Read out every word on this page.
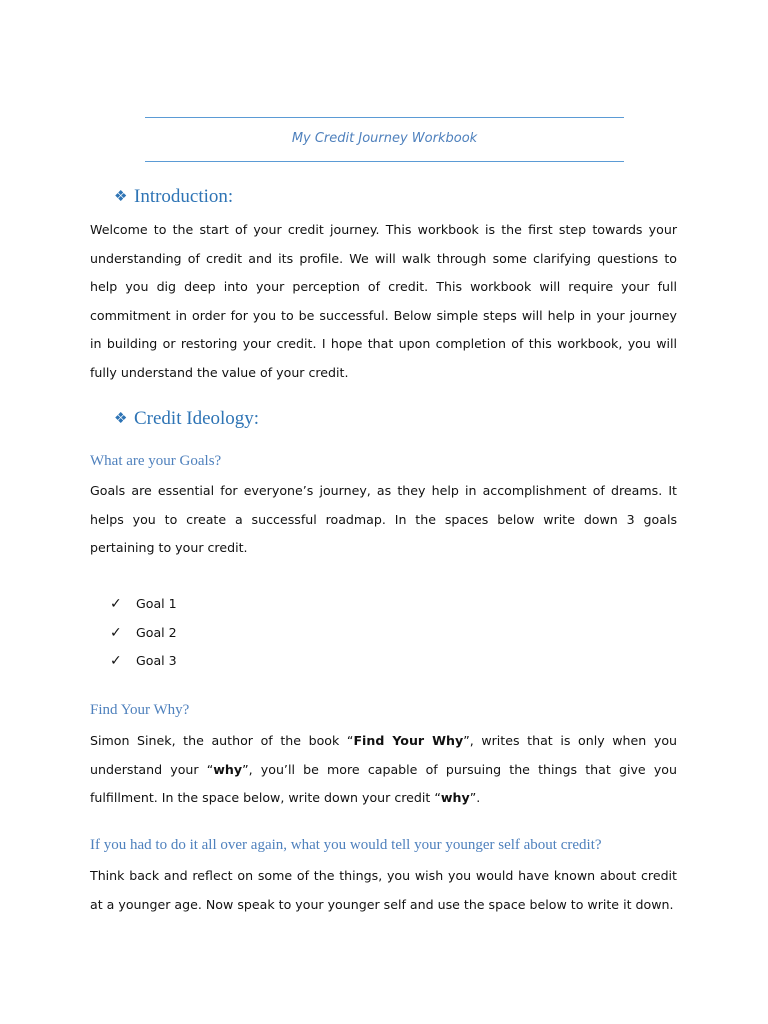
My Credit Journey Workbook
❖ Introduction:

Welcome to the start of your credit journey. This workbook is the first step towards your understanding of credit and its profile. We will walk through some clarifying questions to help you dig deep into your perception of credit. This workbook will require your full commitment in order for you to be successful. Below simple steps will help in your journey in building or restoring your credit. I hope that upon completion of this workbook, you will fully understand the value of your credit.

❖ Credit Ideology:
What are your Goals?

Goals are essential for everyone’s journey, as they help in accomplishment of dreams. It helps you to create a successful roadmap. In the spaces below write down 3 goals pertaining to your credit.

✓ Goal 1
✓ Goal 2
✓ Goal 3
Find Your Why?

Simon Sinek, the author of the book “Find Your Why”, writes that is only when you understand your “why”, you’ll be more capable of pursuing the things that give you fulfillment. In the space below, write down your credit “why”.

If you had to do it all over again, what you would tell your younger self about credit?

Think back and reflect on some of the things, you wish you would have known about credit at a younger age. Now speak to your younger self and use the space below to write it down.
